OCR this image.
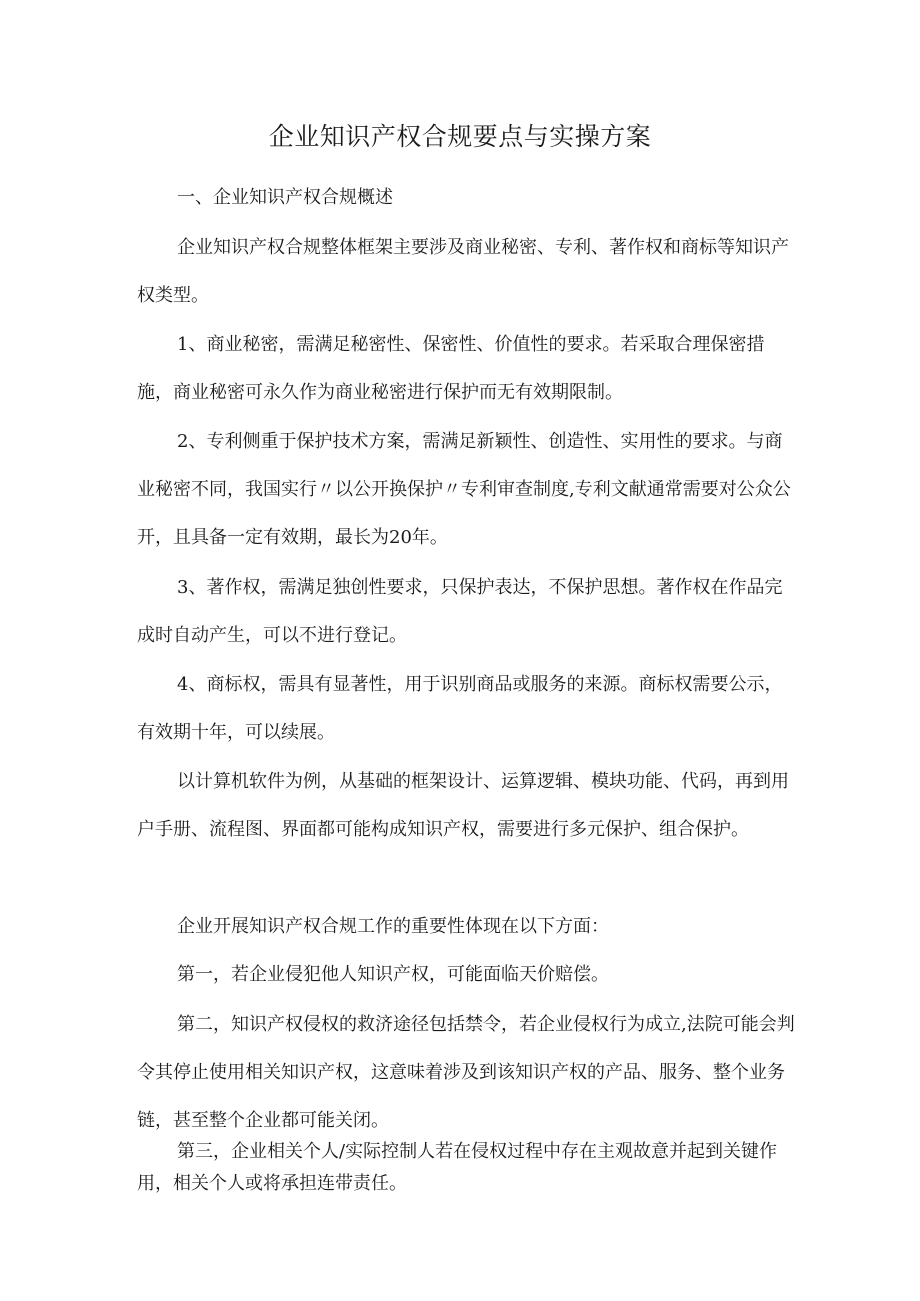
企业知识产权合规要点与实操方案

一、企业知识产权合规概述

企业知识产权合规整体框架主要涉及商业秘密、专利、著作权和商标等知识产权类型。

1、商业秘密，需满足秘密性、保密性、价值性的要求。若采取合理保密措施，商业秘密可永久作为商业秘密进行保护而无有效期限制。

2、专利侧重于保护技术方案，需满足新颖性、创造性、实用性的要求。与商业秘密不同，我国实行〃以公开换保护〃专利审查制度,专利文献通常需要对公众公开，且具备一定有效期，最长为20年。

3、著作权，需满足独创性要求，只保护表达，不保护思想。著作权在作品完成时自动产生，可以不进行登记。

4、商标权，需具有显著性，用于识别商品或服务的来源。商标权需要公示，有效期十年，可以续展。

以计算机软件为例，从基础的框架设计、运算逻辑、模块功能、代码，再到用户手册、流程图、界面都可能构成知识产权，需要进行多元保护、组合保护。

企业开展知识产权合规工作的重要性体现在以下方面：

第一，若企业侵犯他人知识产权，可能面临天价赔偿。

第二，知识产权侵权的救济途径包括禁令，若企业侵权行为成立,法院可能会判令其停止使用相关知识产权，这意味着涉及到该知识产权的产品、服务、整个业务链，甚至整个企业都可能关闭。

第三，企业相关个人/实际控制人若在侵权过程中存在主观故意并起到关键作用，相关个人或将承担连带责任。
